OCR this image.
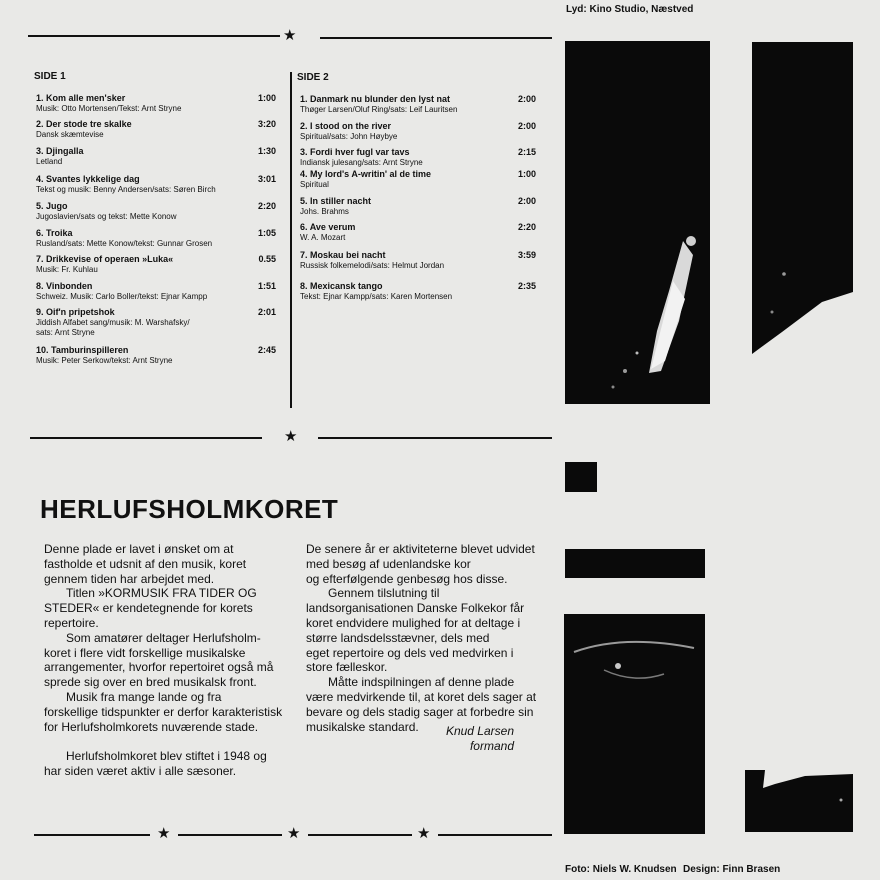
Lyd: Kino Studio, Næstved
★
SIDE 1
1. Kom alle men'sker
Musik: Otto Mortensen/Tekst: Arnt Stryne
1:00
2. Der stode tre skalke
Dansk skæmtevise
3:20
3. Djingalla
Letland
1:30
4. Svantes lykkelige dag
Tekst og musik: Benny Andersen/sats: Søren Birch
3:01
5. Jugo
Jugoslavien/sats og tekst: Mette Konow
2:20
6. Troika
Rusland/sats: Mette Konow/tekst: Gunnar Grosen
1:05
7. Drikkevise of operaen »Luka«
Musik: Fr. Kuhlau
0.55
8. Vinbonden
Schweiz. Musik: Carlo Boller/tekst: Ejnar Kampp
1:51
9. Oif'n pripetshok
Jiddish Alfabet sang/musik: M. Warshafsky/
sats: Arnt Stryne
2:01
10. Tamburinspilleren
Musik: Peter Serkow/tekst: Arnt Stryne
2:45
SIDE 2
1. Danmark nu blunder den lyst nat
Thøger Larsen/Oluf Ring/sats: Leif Lauritsen
2:00
2. I stood on the river
Spiritual/sats: John Høybye
2:00
3. Fordi hver fugl var tavs
Indiansk julesang/sats: Arnt Stryne
2:15
4. My lord's A-writin' al de time
Spiritual
1:00
5. In stiller nacht
Johs. Brahms
2:00
6. Ave verum
W. A. Mozart
2:20
7. Moskau bei nacht
Russisk folkemelodi/sats: Helmut Jordan
3:59
8. Mexicansk tango
Tekst: Ejnar Kampp/sats: Karen Mortensen
2:35
★
HERLUFSHOLMKORET

Denne plade er lavet i ønsket om at
fastholde et udsnit af den musik, koret
gennem tiden har arbejdet med.

Titlen »KORMUSIK FRA TIDER OG
STEDER« er kendetegnende for korets
repertoire.

Som amatører deltager Herlufsholm-
koret i flere vidt forskellige musikalske
arrangementer, hvorfor repertoiret også må
sprede sig over en bred musikalsk front.

Musik fra mange lande og fra
forskellige tidspunkter er derfor karakteristisk
for Herlufsholmkorets nuværende stade.

Herlufsholmkoret blev stiftet i 1948 og
har siden været aktiv i alle sæsoner.

De senere år er aktiviteterne blevet udvidet
med besøg af udenlandske kor
og efterfølgende genbesøg hos disse.

Gennem tilslutning til
landsorganisationen Danske Folkekor får
koret endvidere mulighed for at deltage i
større landsdelsstævner, dels med
eget repertoire og dels ved medvirken i
store fælleskor.

Måtte indspilningen af denne plade
være medvirkende til, at koret dels sager at
bevare og dels stadig sager at forbedre sin
musikalske standard.	Knud Larsen
formand
★	★	★
Foto: Niels W. Knudsen Design: Finn Brasen
